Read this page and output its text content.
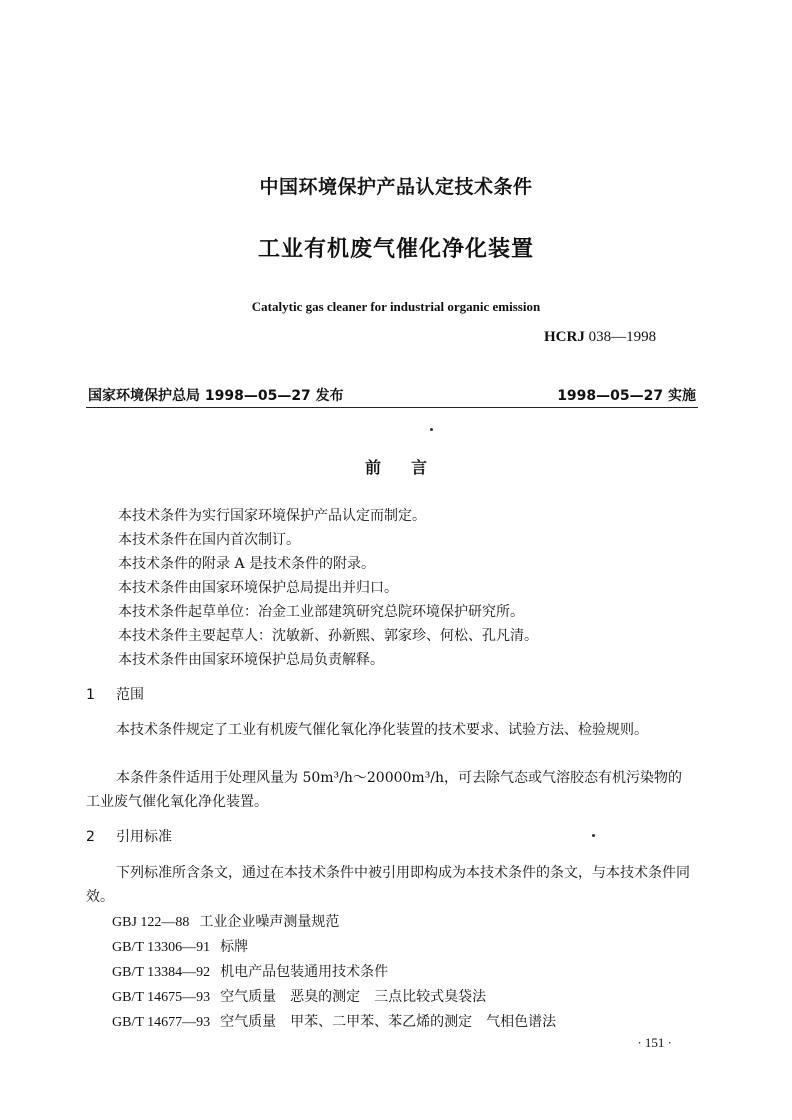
中国环境保护产品认定技术条件
工业有机废气催化净化装置
Catalytic gas cleaner for industrial organic emission
HCRJ 038—1998
国家环境保护总局 1998—05—27 发布	1998—05—27 实施
前言
本技术条件为实行国家环境保护产品认定而制定。
本技术条件在国内首次制订。
本技术条件的附录 A 是技术条件的附录。
本技术条件由国家环境保护总局提出并归口。
本技术条件起草单位：冶金工业部建筑研究总院环境保护研究所。
本技术条件主要起草人：沈敏新、孙新熙、郭家珍、何松、孔凡清。
本技术条件由国家环境保护总局负责解释。
1 范围
本技术条件规定了工业有机废气催化氧化净化装置的技术要求、试验方法、检验规则。
本条件条件适用于处理风量为 50m³/h～20000m³/h，可去除气态或气溶胶态有机污染物的工业废气催化氧化净化装置。
2 引用标准
下列标准所含条文，通过在本技术条件中被引用即构成为本技术条件的条文，与本技术条件同效。
GBJ 122—88 工业企业噪声测量规范
GB/T 13306—91 标牌
GB/T 13384—92 机电产品包装通用技术条件
GB/T 14675—93 空气质量　恶臭的测定　三点比较式臭袋法
GB/T 14677—93 空气质量　甲苯、二甲苯、苯乙烯的测定　气相色谱法
· 151 ·
